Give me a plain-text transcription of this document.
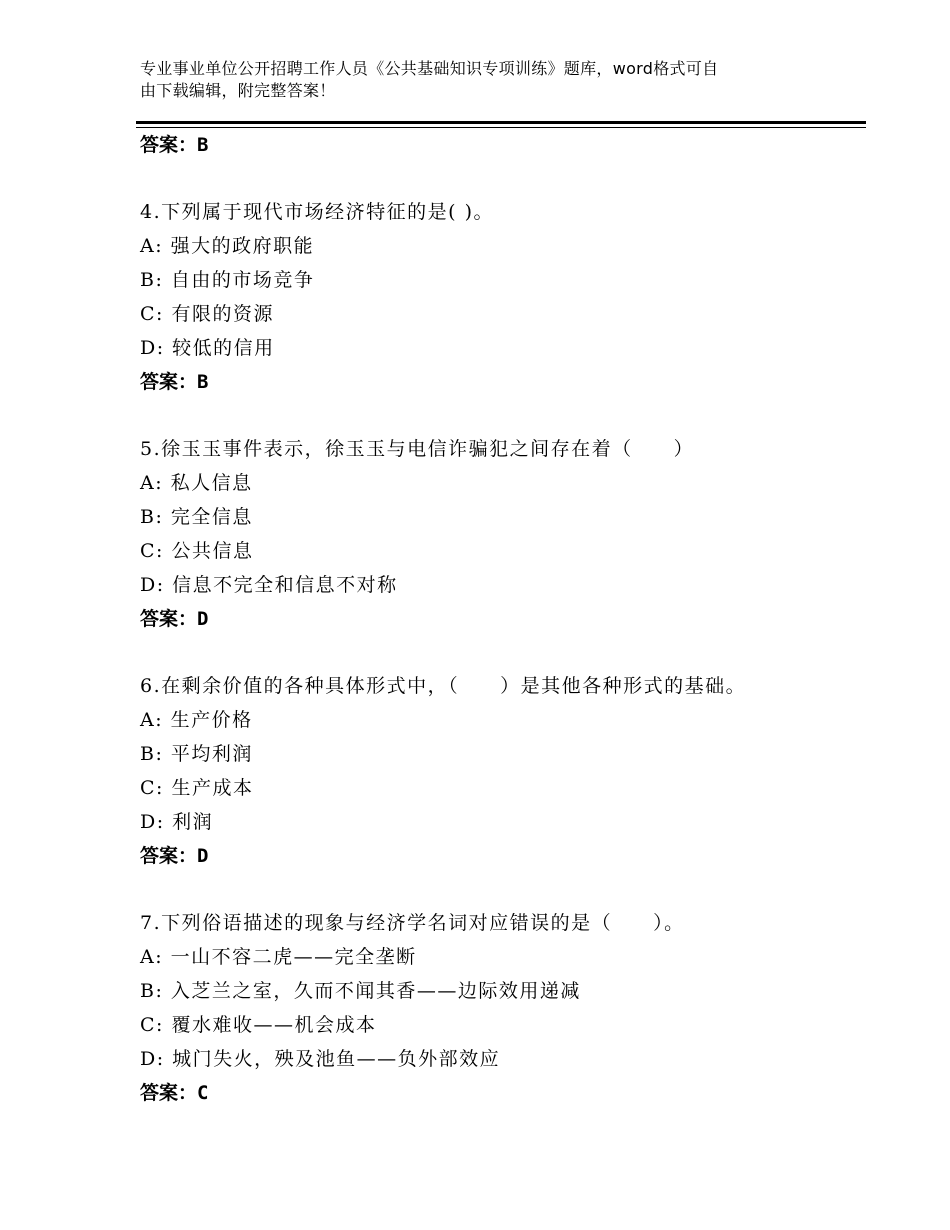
专业事业单位公开招聘工作人员《公共基础知识专项训练》题库，word格式可自
由下载编辑，附完整答案！
答案：B
4.下列属于现代市场经济特征的是( )。
A: 强大的政府职能
B: 自由的市场竞争
C: 有限的资源
D: 较低的信用
答案：B
5.徐玉玉事件表示，徐玉玉与电信诈骗犯之间存在着（　　）
A: 私人信息
B: 完全信息
C: 公共信息
D: 信息不完全和信息不对称
答案：D
6.在剩余价值的各种具体形式中，（　　）是其他各种形式的基础。
A: 生产价格
B: 平均利润
C: 生产成本
D: 利润
答案：D
7.下列俗语描述的现象与经济学名词对应错误的是（　　）。
A: 一山不容二虎——完全垄断
B: 入芝兰之室，久而不闻其香——边际效用递减
C: 覆水难收——机会成本
D: 城门失火，殃及池鱼——负外部效应
答案：C
